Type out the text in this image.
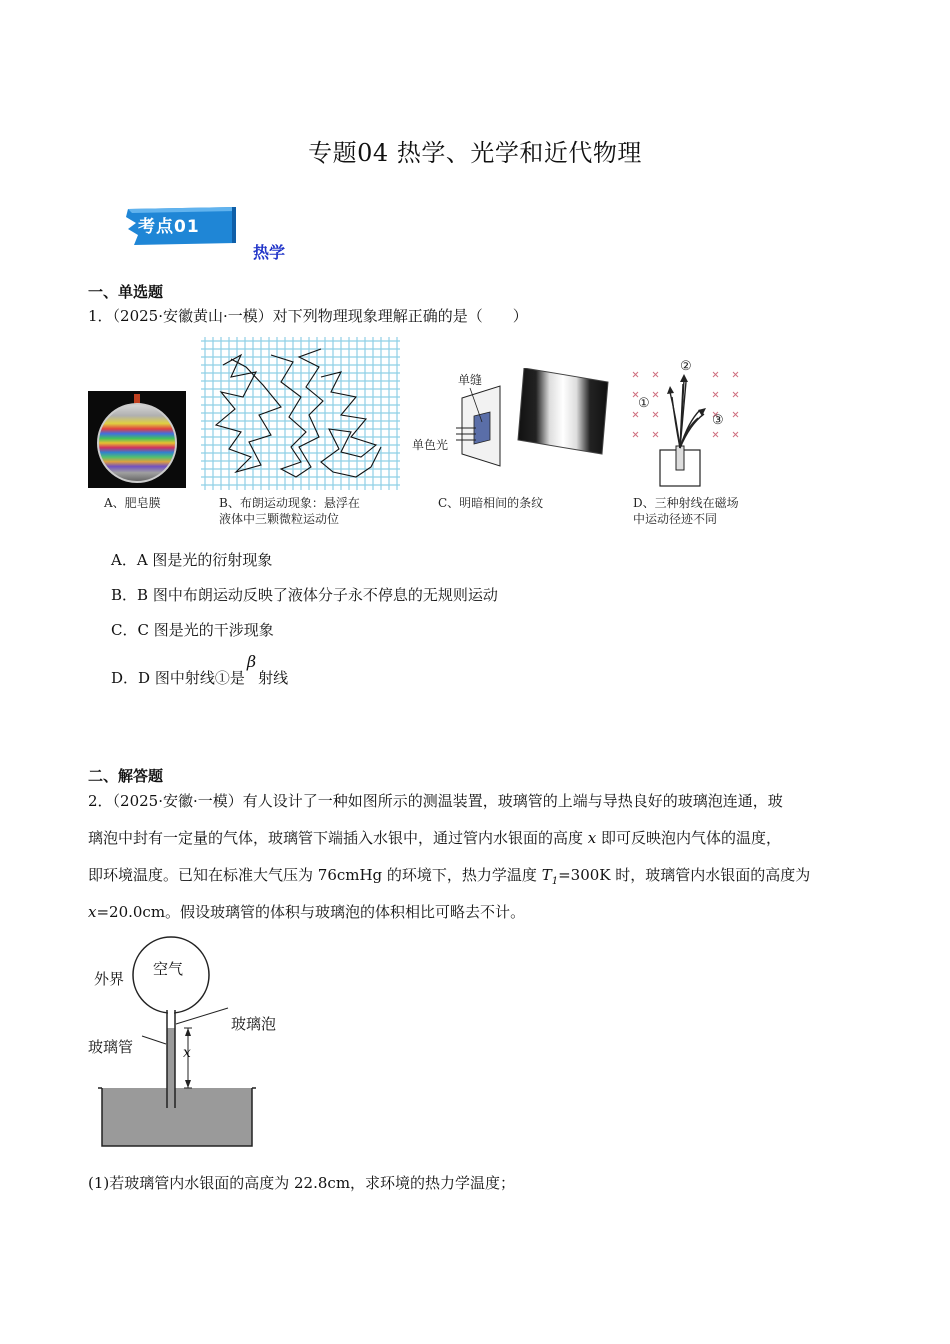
专题04 热学、光学和近代物理
考点01
热学
一、单选题
1．（2025·安徽黄山·一模）对下列物理现象理解正确的是（　　）
A、肥皂膜	B、布朗运动现象：悬浮在
液体中三颗微粒运动位
单缝
单色光
C、明暗相间的条纹
②
①
③
D、三种射线在磁场
中运动径迹不同
A．A 图是光的衍射现象
B．B 图中布朗运动反映了液体分子永不停息的无规则运动
C．C 图是光的干涉现象
D．D 图中射线①是β射线
二、解答题
2．（2025·安徽·一模）有人设计了一种如图所示的测温装置，玻璃管的上端与导热良好的玻璃泡连通，玻
璃泡中封有一定量的气体，玻璃管下端插入水银中，通过管内水银面的高度 x 即可反映泡内气体的温度，
即环境温度。已知在标准大气压为 76cmHg 的环境下，热力学温度 $T_1=300K$ 时，玻璃管内水银面的高度为
x=20.0cm。假设玻璃管的体积与玻璃泡的体积相比可略去不计。
外界
空气
玻璃泡
玻璃管	x
(1)若玻璃管内水银面的高度为 22.8cm，求环境的热力学温度；
